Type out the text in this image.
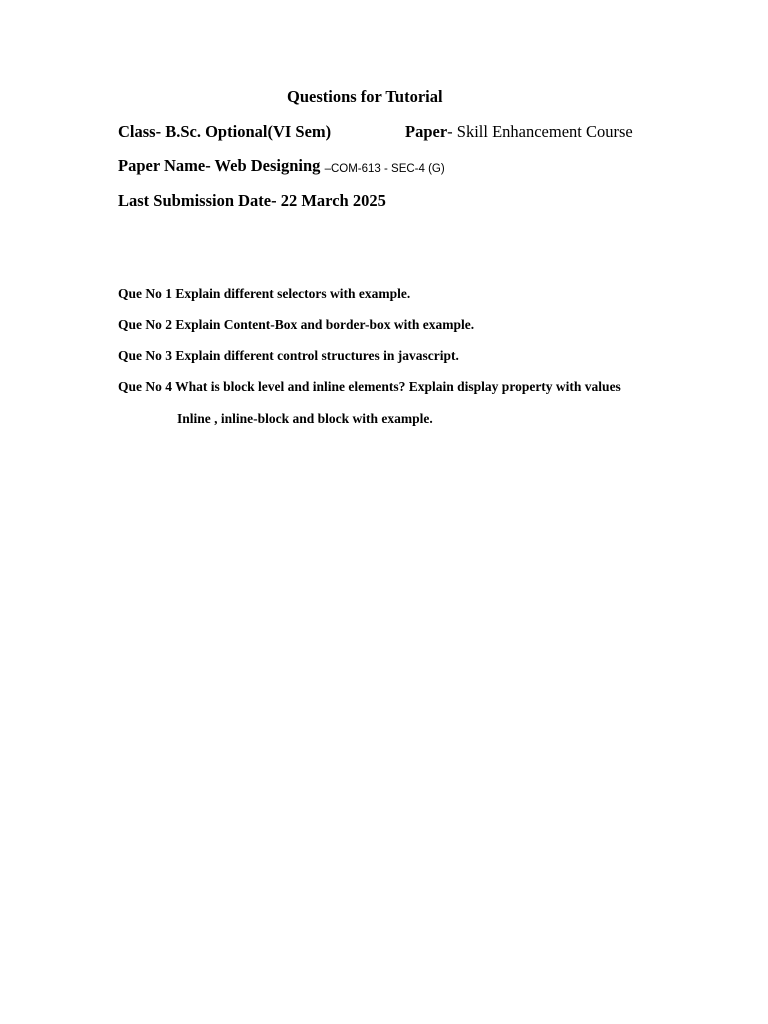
Questions for Tutorial
Class- B.Sc. Optional(VI Sem)	Paper- Skill Enhancement Course
Paper Name- Web Designing –COM-613 - SEC-4 (G)
Last Submission Date- 22 March 2025
Que No 1 Explain different selectors with example.
Que No 2 Explain Content-Box and border-box with example.
Que No 3 Explain different control structures in javascript.
Que No 4 What is block level and inline elements? Explain display property with values
Inline , inline-block and block with example.
